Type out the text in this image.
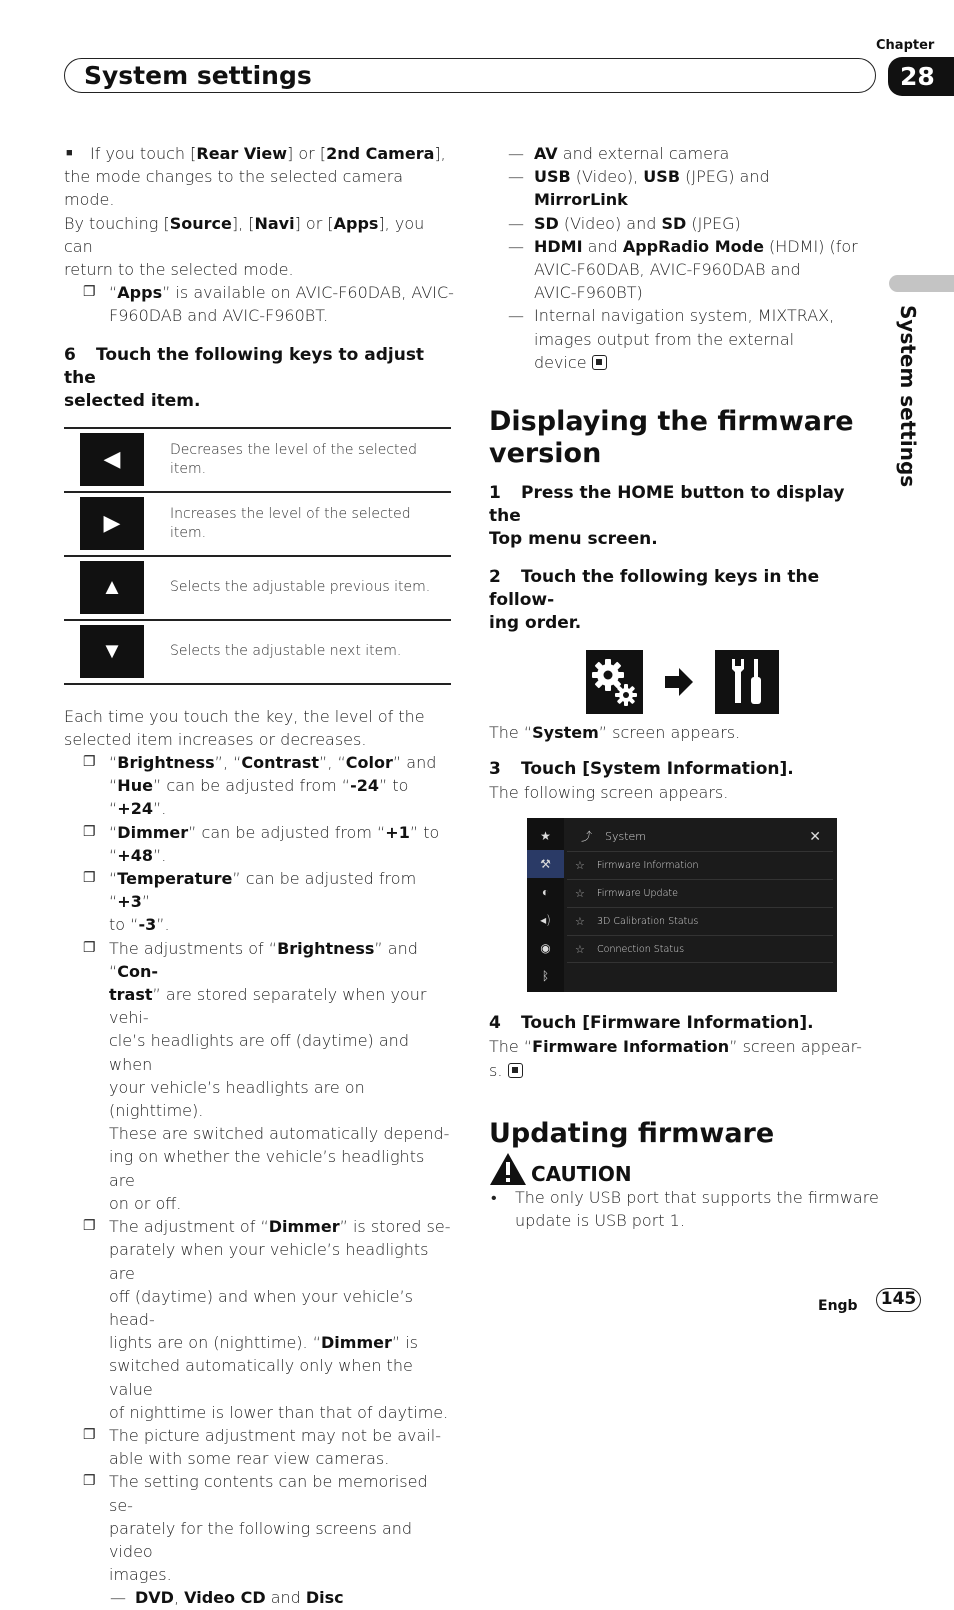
Chapter
28
System settings
System settings
■ If you touch [Rear View] or [2nd Camera],

the mode changes to the selected camera mode.

By touching [Source], [Navi] or [Apps], you can

return to the selected mode.

❐ “Apps” is available on AVIC-F60DAB, AVIC-
F960DAB and AVIC-F960BT.
6 Touch the following keys to adjust the
selected item.
◀	Decreases the level of the selected
item.
▶	Increases the level of the selected item.
▲	Selects the adjustable previous item.
▼	Selects the adjustable next item.

Each time you touch the key, the level of the
selected item increases or decreases.

❐ “Brightness”, “Contrast”, “Color” and
“Hue” can be adjusted from “-24” to “+24”.
❐ “Dimmer” can be adjusted from “+1” to
“+48”.
❐ “Temperature” can be adjusted from “+3”
to “-3”.
❐ The adjustments of “Brightness” and “Con-
trast” are stored separately when your vehi-
cle’s headlights are off (daytime) and when
your vehicle’s headlights are on (nighttime).
These are switched automatically depend-
ing on whether the vehicle’s headlights are
on or off.
❐ The adjustment of “Dimmer” is stored se-
parately when your vehicle’s headlights are
off (daytime) and when your vehicle’s head-
lights are on (nighttime). “Dimmer” is
switched automatically only when the value
of nighttime is lower than that of daytime.
❐ The picture adjustment may not be avail-
able with some rear view cameras.
❐ The setting contents can be memorised se-
parately for the following screens and video
images.
— DVD, Video CD and Disc
— AV and external camera
— USB (Video), USB (JPEG) and
MirrorLink
— SD (Video) and SD (JPEG)
— HDMI and AppRadio Mode (HDMI) (for
AVIC-F60DAB, AVIC-F960DAB and
AVIC-F960BT)
— Internal navigation system, MIXTRAX,
images output from the external
device
Displaying the firmware
version
1 Press the HOME button to display the
Top menu screen.
2 Touch the following keys in the follow-
ing order.

The “System” screen appears.

3 Touch [System Information].

The following screen appears.

★
⚒
◐
◂)
◉
ᛒ
⤴ System	✕
☆ Firmware Information
☆ Firmware Update
☆ 3D Calibration Status
☆ Connection Status
4 Touch [Firmware Information].

The “Firmware Information” screen appear-
s.

Updating firmware
CAUTION
• The only USB port that supports the firmware
update is USB port 1.
Engb 145
